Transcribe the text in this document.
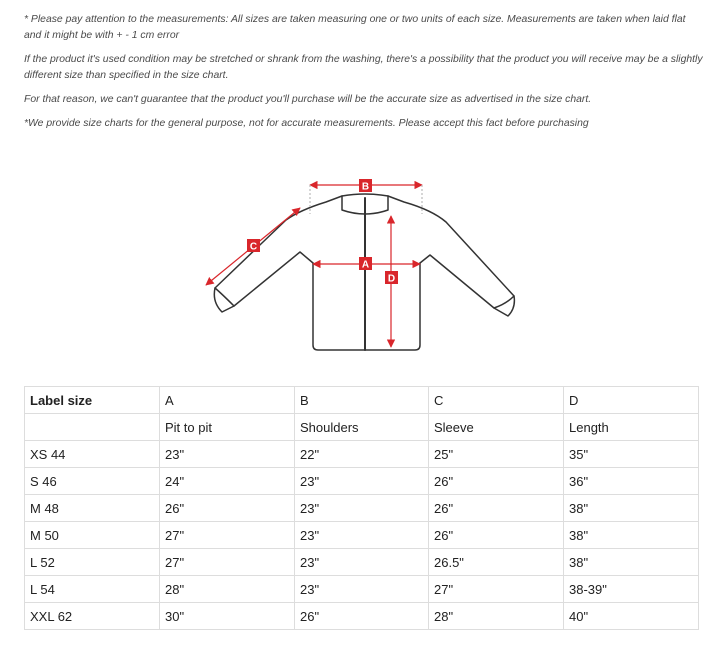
* Please pay attention to the measurements: All sizes are taken measuring one or two units of each size. Measurements are taken when laid flat and it might be with + - 1 cm error

If the product it's used condition may be stretched or shrank from the washing, there's a possibility that the product you will receive may be a slightly different size than specified in the size chart.

For that reason, we can't guarantee that the product you'll purchase will be the accurate size as advertised in the size chart.

*We provide size charts for the general purpose, not for accurate measurements. Please accept this fact before purchasing

A
B
C
D
Label size	A	B	C	D
	Pit to pit	Shoulders	Sleeve	Length
XS 44	23"	22"	25"	35"
S 46	24"	23"	26"	36"
M 48	26"	23"	26"	38"
M 50	27"	23"	26"	38"
L 52	27"	23"	26.5"	38"
L 54	28"	23"	27"	38-39"
XXL 62	30"	26"	28"	40"
